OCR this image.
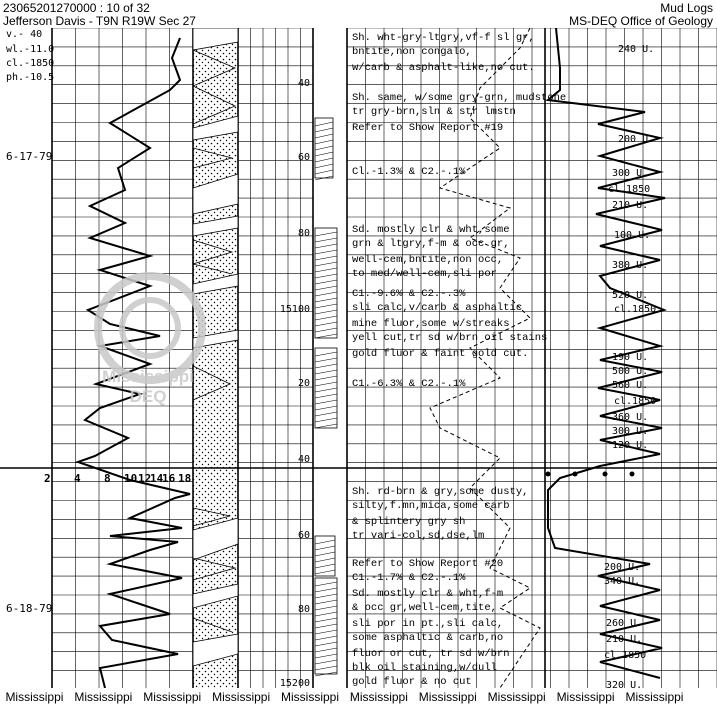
23065201270000 : 10 of 32
Jefferson Davis - T9N R19W Sec 27
Mud Logs
MS-DEQ Office of Geology
Mississippi
DEQ
v.- 40
wl.-11.0
cl.-1850
ph.-10.5
6-17-79
6-18-79
2 4 8 10 12
14
16 18
40
60
80
15100
20
40
60
80
15200
Sh. wht-gry-ltgry,vf-f sl gr,
bntite,non congalo,
w/carb & asphalt-like,no cut.
Sh. same, w/some gry-grn, mudstone
tr gry-brn,sln & str lmstn
Refer to Show Report #19
Cl.-1.3% & C2.-.1%
Sd. mostly clr & wht,some
grn & ltgry,f-m & occ gr,
well-cem,bntite,non occ,
to med/well-cem,sli por
C1.-9.6% & C2.-.3%
sli calc,v/carb & asphaltic
mine fluor,some w/streaks
yell cut,tr sd w/brn oil stains
gold fluor & faint gold cut.
C1.-6.3% & C2.-.1%
Sh. rd-brn & gry,some dusty,
silty,f.mn,mica,some carb
& splintery gry sh
tr vari-col,sd,dse,lm
Refer to Show Report #20
C1.-1.7% & C2.-.1%
Sd. mostly clr & wht,f-m
& occ gr,well-cem,tite,
sli por in pt.,sli calc,
some asphaltic & carb,no
fluor or cut, tr sd w/brn
blk oil staining,w/dull
gold fluor & no cut
240 U.
200 U.
300 U.
cl.1850
210 U.
100 U.
380 U.
520 U.
cl.1850
190 U.
500 U.
560 U.
cl.1850
360 U.
300 U.
120 U.
200 U.
340 U.
260 U.
210 U.
cl.1850
320 U.
Mississippi Mississippi Mississippi Mississippi Mississippi Mississippi Mississippi Mississippi Mississippi Mississippi
